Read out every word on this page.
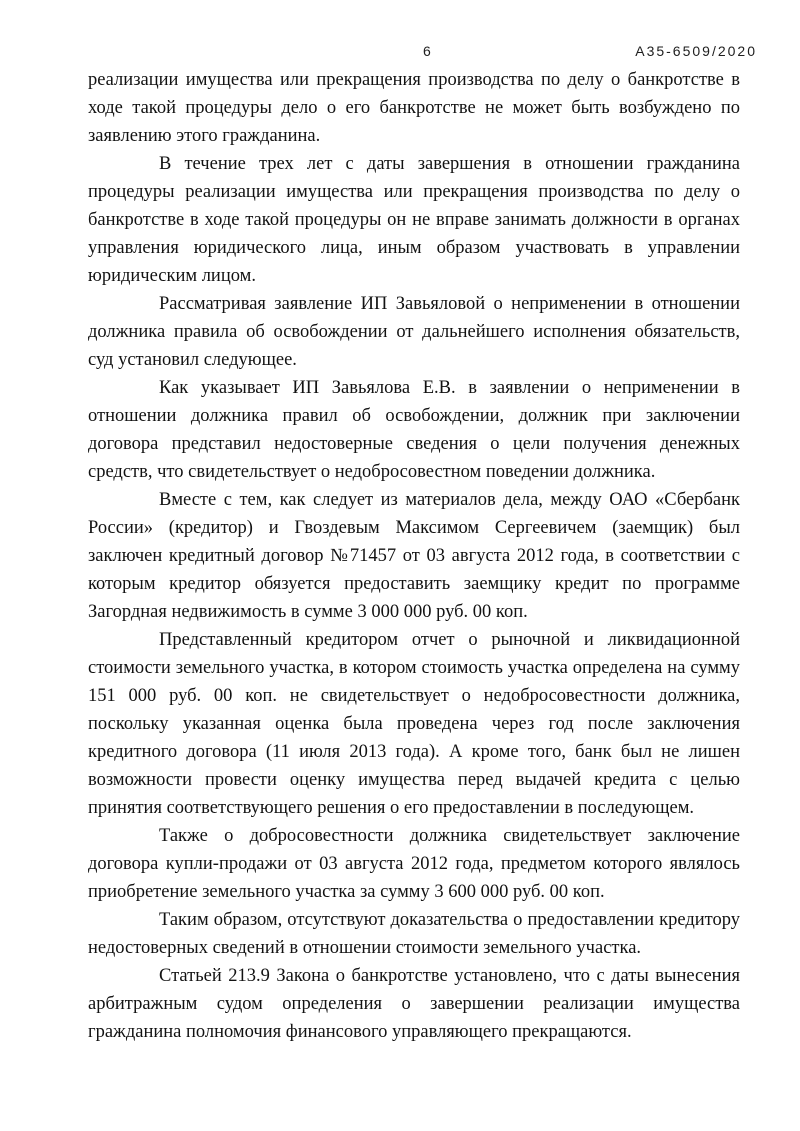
6	А35-6509/2020

реализации имущества или прекращения производства по делу о банкротстве в ходе такой процедуры дело о его банкротстве не может быть возбуждено по заявлению этого гражданина.

В течение трех лет с даты завершения в отношении гражданина процедуры реализации имущества или прекращения производства по делу о банкротстве в ходе такой процедуры он не вправе занимать должности в органах управления юридического лица, иным образом участвовать в управлении юридическим лицом.

Рассматривая заявление ИП Завьяловой о неприменении в отношении должника правила об освобождении от дальнейшего исполнения обязательств, суд установил следующее.

Как указывает ИП Завьялова Е.В. в заявлении о неприменении в отношении должника правил об освобождении, должник при заключении договора представил недостоверные сведения о цели получения денежных средств, что свидетельствует о недобросовестном поведении должника.

Вместе с тем, как следует из материалов дела, между ОАО «Сбербанк России» (кредитор) и Гвоздевым Максимом Сергеевичем (заемщик) был заключен кредитный договор №71457 от 03 августа 2012 года, в соответствии с которым кредитор обязуется предоставить заемщику кредит по программе Загордная недвижимость в сумме 3 000 000 руб. 00 коп.

Представленный кредитором отчет о рыночной и ликвидационной стоимости земельного участка, в котором стоимость участка определена на сумму 151 000 руб. 00 коп. не свидетельствует о недобросовестности должника, поскольку указанная оценка была проведена через год после заключения кредитного договора (11 июля 2013 года). А кроме того, банк был не лишен возможности провести оценку имущества перед выдачей кредита с целью принятия соответствующего решения о его предоставлении в последующем.

Также о добросовестности должника свидетельствует заключение договора купли-продажи от 03 августа 2012 года, предметом которого являлось приобретение земельного участка за сумму 3 600 000 руб. 00 коп.

Таким образом, отсутствуют доказательства о предоставлении кредитору недостоверных сведений в отношении стоимости земельного участка.

Статьей 213.9 Закона о банкротстве установлено, что с даты вынесения арбитражным судом определения о завершении реализации имущества гражданина полномочия финансового управляющего прекращаются.
